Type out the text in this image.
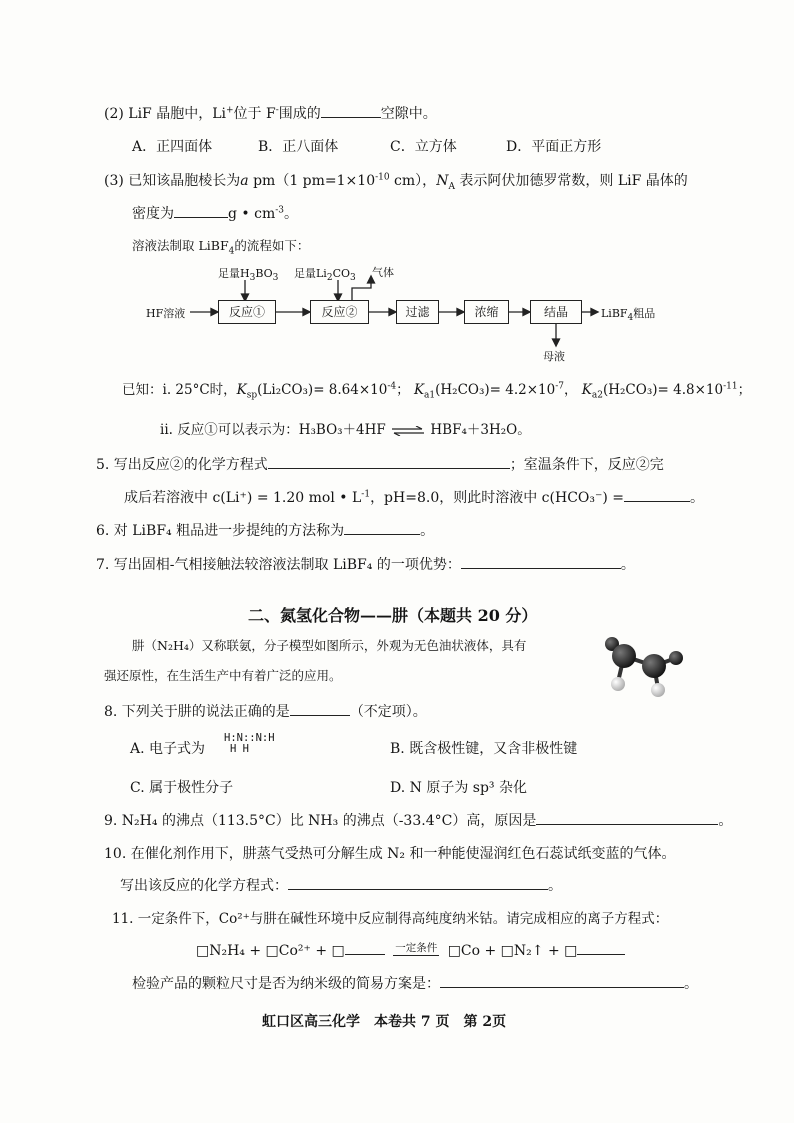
(2) LiF 晶胞中，Li+位于 F-围成的	空隙中。
A．正四面体	B．正八面体	C．立方体	D．平面正方形
(3) 已知该晶胞棱长为a pm（1 $pm=1\times 10^{-10}$ cm），$N_A$ 表示阿伏加德罗常数，则 LiF 晶体的
密度为	g • $cm^{-3}$。
溶液法制取 LiBF$_4$的流程如下：
HF溶液	反应①	反应②	过滤	浓缩	结晶
足量$H_3BO_3$ 足量$Li_2CO_3$ 气体
LiBF$_4$粗品
母液
已知：i. 25°C时，$K_{sp}(Li_2CO_3)= 8.64\times 10^{-4}$； $K_{a1}(H_2CO_3)= 4.2\times 10^{-7}$， $K_{a2}(H_2CO_3)= 4.8\times 10^{-11}$；
ii. 反应①可以表示为：H₃BO₃＋4HF ⇌ HBF₄＋3H₂O。
5. 写出反应②的化学方程式	；室温条件下，反应②完
成后若溶液中 c(Li⁺) = 1.20 mol • $L^{-1}$，pH=8.0，则此时溶液中 c(HCO₃⁻) =	。
6. 对 LiBF₄ 粗品进一步提纯的方法称为	。
7. 写出固相-气相接触法较溶液法制取 LiBF₄ 的一项优势：	。
二、氮氢化合物——肼（本题共 20 分）
肼（N₂H₄）又称联氨，分子模型如图所示，外观为无色油状液体，具有
强还原性，在生活生产中有着广泛的应用。
8. 下列关于肼的说法正确的是	（不定项）。
A. 电子式为
H:N::N:H
H H	B. 既含极性键，又含非极性键
C. 属于极性分子	D. N 原子为 sp³ 杂化
9. N₂H₄ 的沸点（113.5°C）比 NH₃ 的沸点（-33.4°C）高，原因是	。
10. 在催化剂作用下，肼蒸气受热可分解生成 N₂ 和一种能使湿润红色石蕊试纸变蓝的气体。
写出该反应的化学方程式：	。
11. 一定条件下，Co²⁺与肼在碱性环境中反应制得高纯度纳米钴。请完成相应的离子方程式：
□N₂H₄ + □Co²⁺ + □	一定条件 □Co + □N₂↑ + □
检验产品的颗粒尺寸是否为纳米级的简易方案是：	。
虹口区高三化学　本卷共 7 页　第 2页
